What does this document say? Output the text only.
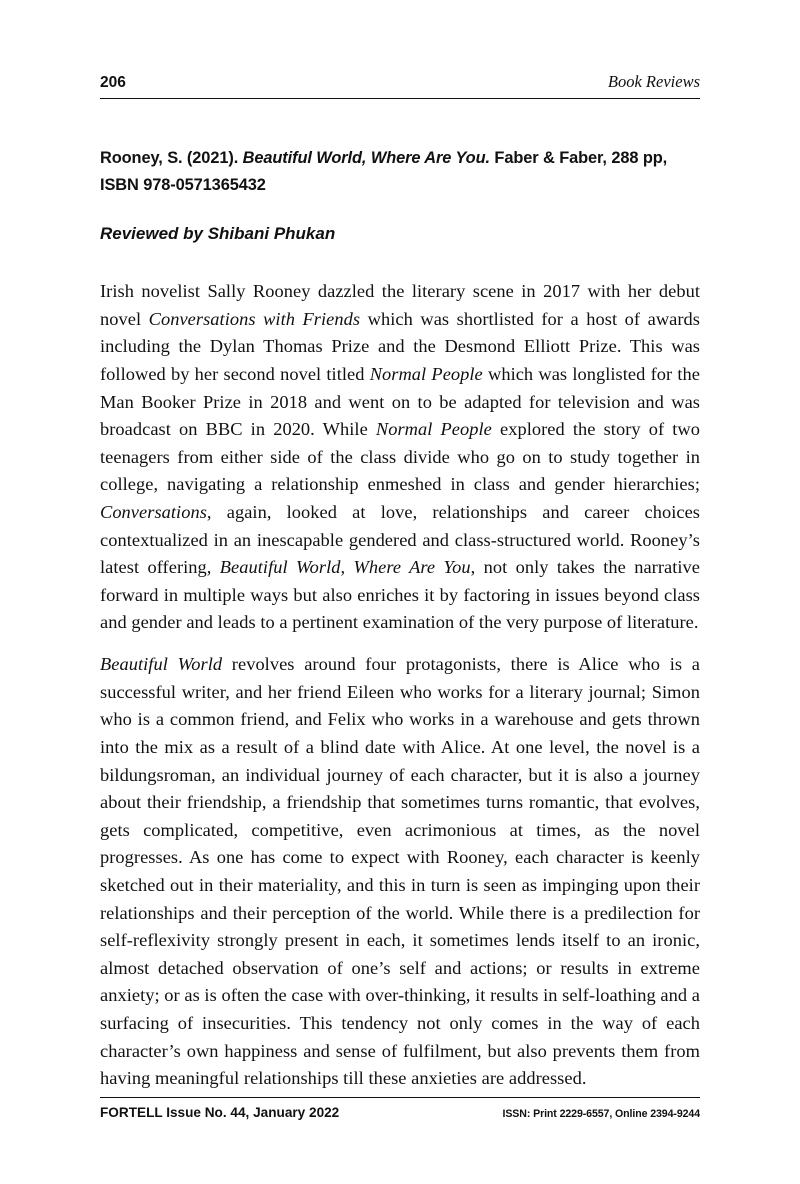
206	Book Reviews
Rooney, S. (2021). Beautiful World, Where Are You. Faber & Faber, 288 pp, ISBN 978-0571365432
Reviewed by Shibani Phukan

Irish novelist Sally Rooney dazzled the literary scene in 2017 with her debut novel Conversations with Friends which was shortlisted for a host of awards including the Dylan Thomas Prize and the Desmond Elliott Prize. This was followed by her second novel titled Normal People which was longlisted for the Man Booker Prize in 2018 and went on to be adapted for television and was broadcast on BBC in 2020. While Normal People explored the story of two teenagers from either side of the class divide who go on to study together in college, navigating a relationship enmeshed in class and gender hierarchies; Conversations, again, looked at love, relationships and career choices contextualized in an inescapable gendered and class-structured world. Rooney’s latest offering, Beautiful World, Where Are You, not only takes the narrative forward in multiple ways but also enriches it by factoring in issues beyond class and gender and leads to a pertinent examination of the very purpose of literature.

Beautiful World revolves around four protagonists, there is Alice who is a successful writer, and her friend Eileen who works for a literary journal; Simon who is a common friend, and Felix who works in a warehouse and gets thrown into the mix as a result of a blind date with Alice. At one level, the novel is a bildungsroman, an individual journey of each character, but it is also a journey about their friendship, a friendship that sometimes turns romantic, that evolves, gets complicated, competitive, even acrimonious at times, as the novel progresses. As one has come to expect with Rooney, each character is keenly sketched out in their materiality, and this in turn is seen as impinging upon their relationships and their perception of the world. While there is a predilection for self-reflexivity strongly present in each, it sometimes lends itself to an ironic, almost detached observation of one’s self and actions; or results in extreme anxiety; or as is often the case with over-thinking, it results in self-loathing and a surfacing of insecurities. This tendency not only comes in the way of each character’s own happiness and sense of fulfilment, but also prevents them from having meaningful relationships till these anxieties are addressed.

FORTELL Issue No. 44, January 2022	ISSN: Print 2229-6557, Online 2394-9244
